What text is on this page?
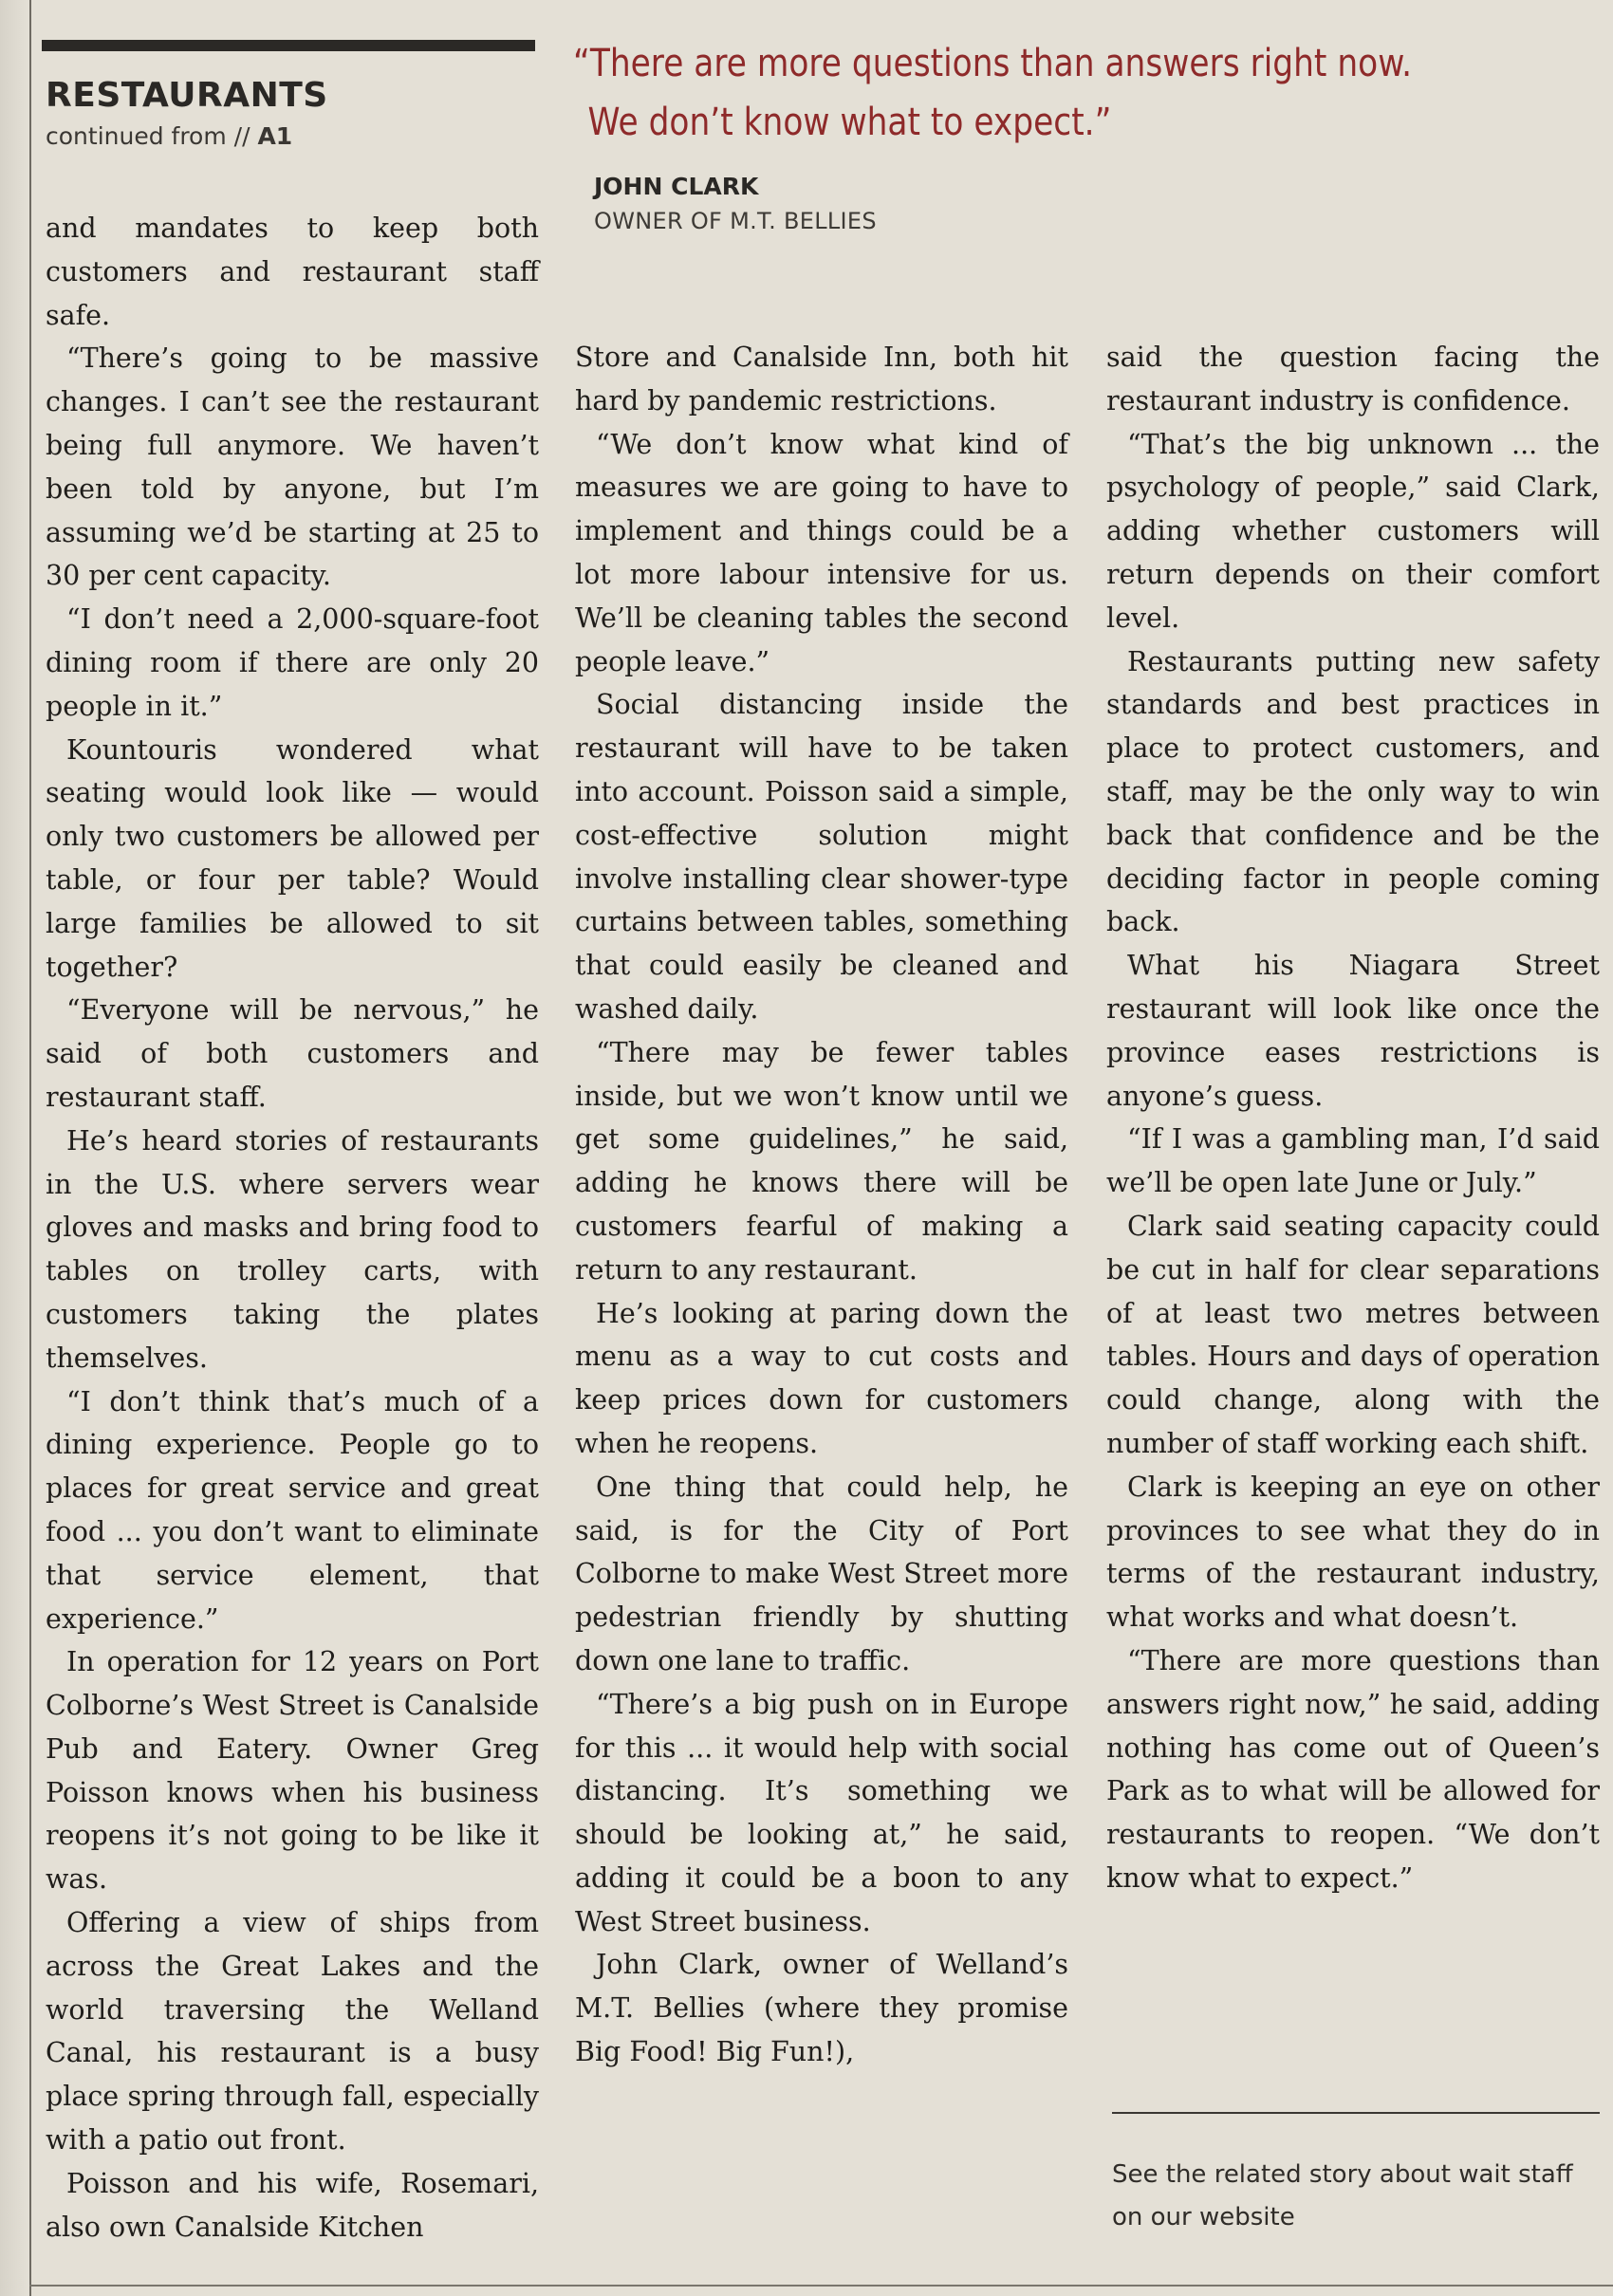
RESTAURANTS
continued from // A1
“There are more questions than answers right now.
We don’t know what to expect.”
JOHN CLARK
OWNER OF M.T. BELLIES

and mandates to keep both customers and restaurant staff safe.

“There’s going to be massive changes. I can’t see the restaurant being full anymore. We haven’t been told by anyone, but I’m assuming we’d be starting at 25 to 30 per cent capacity.

“I don’t need a 2,000-square-foot dining room if there are only 20 people in it.”

Kountouris wondered what seating would look like — would only two customers be allowed per table, or four per table? Would large families be allowed to sit together?

“Everyone will be nervous,” he said of both customers and restaurant staff.

He’s heard stories of restaurants in the U.S. where servers wear gloves and masks and bring food to tables on trolley carts, with customers taking the plates themselves.

“I don’t think that’s much of a dining experience. People go to places for great service and great food ... you don’t want to eliminate that service element, that experience.”

In operation for 12 years on Port Colborne’s West Street is Canalside Pub and Eatery. Owner Greg Poisson knows when his business reopens it’s not going to be like it was.

Offering a view of ships from across the Great Lakes and the world traversing the Welland Canal, his restaurant is a busy place spring through fall, especially with a patio out front.

Poisson and his wife, Rosemari, also own Canalside Kitchen

Store and Canalside Inn, both hit hard by pandemic restrictions.

“We don’t know what kind of measures we are going to have to implement and things could be a lot more labour intensive for us. We’ll be cleaning tables the second people leave.”

Social distancing inside the restaurant will have to be taken into account. Poisson said a simple, cost-effective solution might involve installing clear shower-type curtains between tables, something that could easily be cleaned and washed daily.

“There may be fewer tables inside, but we won’t know until we get some guidelines,” he said, adding he knows there will be customers fearful of making a return to any restaurant.

He’s looking at paring down the menu as a way to cut costs and keep prices down for customers when he reopens.

One thing that could help, he said, is for the City of Port Colborne to make West Street more pedestrian friendly by shutting down one lane to traffic.

“There’s a big push on in Europe for this ... it would help with social distancing. It’s something we should be looking at,” he said, adding it could be a boon to any West Street business.

John Clark, owner of Welland’s M.T. Bellies (where they promise Big Food! Big Fun!),

said the question facing the restaurant industry is confidence.

“That’s the big unknown ... the psychology of people,” said Clark, adding whether customers will return depends on their comfort level.

Restaurants putting new safety standards and best practices in place to protect customers, and staff, may be the only way to win back that confidence and be the deciding factor in people coming back.

What his Niagara Street restaurant will look like once the province eases restrictions is anyone’s guess.

“If I was a gambling man, I’d said we’ll be open late June or July.”

Clark said seating capacity could be cut in half for clear separations of at least two metres between tables. Hours and days of operation could change, along with the number of staff working each shift.

Clark is keeping an eye on other provinces to see what they do in terms of the restaurant industry, what works and what doesn’t.

“There are more questions than answers right now,” he said, adding nothing has come out of Queen’s Park as to what will be allowed for restaurants to reopen. “We don’t know what to expect.”

See the related story about wait staff
on our website
